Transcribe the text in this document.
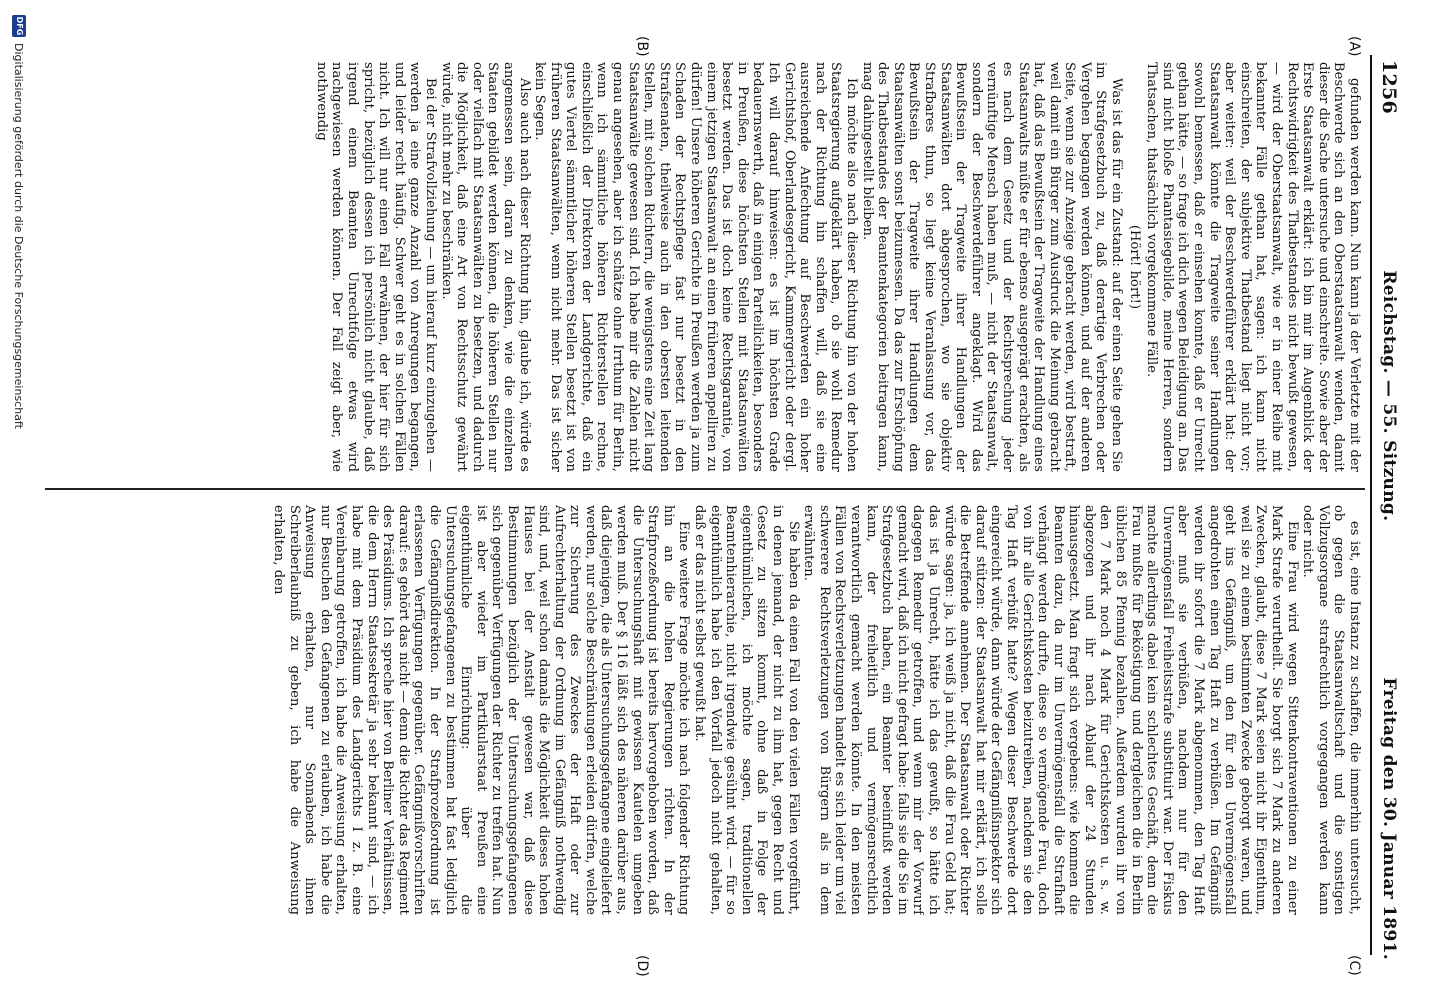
1256
Reichstag. — 55. Sitzung.
Freitag den 30. Januar 1891.
(A)
(B)
(C)
(D)

gefunden werden kann. Nun kann ja der Verletzte mit der Beschwerde sich an den Oberstaatsanwalt wenden, damit dieser die Sache untersuche und einschreite. Sowie aber der Erste Staatsanwalt erklärt: ich bin mir im Augenblick der Rechtswidrigkeit des Thatbestandes nicht bewußt gewesen, — wird der Oberstaatsanwalt, wie er in einer Reihe mit bekannter Fälle gethan hat, sagen: ich kann nicht einschreiten, der subjektive Thatbestand liegt nicht vor; aber weiter: weil der Beschwerdeführer erklärt hat: der Staatsanwalt könnte die Tragweite seiner Handlungen sowohl bemessen, daß er einsehen konnte, daß er Unrecht gethan hätte, — so frage ich dich wegen Beleidigung an. Das sind nicht bloße Phantasiegebilde, meine Herren, sondern Thatsachen, thatsächlich vorgekommene Fälle.

(Hört! hört!)

Was ist das für ein Zustand: auf der einen Seite gehen Sie im Strafgesetzbuch zu, daß derartige Verbrechen oder Vergehen begangen werden können, und auf der anderen Seite, wenn sie zur Anzeige gebracht werden, wird bestraft, weil damit ein Bürger zum Ausdruck die Meinung gebracht hat, daß das Bewußtsein der Tragweite der Handlung eines Staatsanwalts müßte er für ebenso ausgeprägt erachten, als es nach dem Gesetz und der Rechtsprechung jeder vernünftige Mensch haben muß, — nicht der Staatsanwalt, sondern der Beschwerdeführer angeklagt. Wird das Bewußtsein der Tragweite ihrer Handlungen der Staatsanwälten dort abgesprochen, wo sie objektiv Strafbares thun, so liegt keine Veranlassung vor, das Bewußtsein der Tragweite ihrer Handlungen dem Staatsanwälten sonst beizumessen. Da das zur Erschöpfung des Thatbestandes der Beamtenkategorien beitragen kann, mag dahingestellt bleiben.

Ich möchte also nach dieser Richtung hin von der hohen Staatsregierung aufgeklärt haben, ob sie wohl Remedur nach der Richtung hin schaffen will, daß sie eine ausreichende Anfechtung auf Beschwerden ein hoher Gerichtshof, Oberlandesgericht, Kammergericht oder dergl. Ich will darauf hinweisen: es ist im höchsten Grade bedauernswerth, daß in einigen Parteilichkeiten, besonders in Preußen, diese höchsten Stellen mit Staatsanwälten besetzt werden. Das ist doch keine Rechtsgarantie, von einem jetzigen Staatsanwalt an einen früheren appelliren zu dürfen! Unsere höheren Gerichte in Preußen werden ja zum Schaden der Rechtspflege fast nur besetzt in den Strafsenaten, theilweise auch in den obersten leitenden Stellen, mit solchen Richtern, die wenigstens eine Zeit lang Staatsanwälte gewesen sind. Ich habe mir die Zahlen nicht genau angesehen, aber ich schätze ohne Irrthum für Berlin, wenn ich sämmtliche höheren Richterstellen rechne, einschließlich der Direktoren der Landgerichte, daß ein gutes Viertel sämmtlicher höheren Stellen besetzt ist von früheren Staatsanwälten, wenn nicht mehr. Das ist sicher kein Segen.

Also auch nach dieser Richtung hin, glaube ich, würde es angemessen sein, daran zu denken, wie die einzelnen Staaten gebildet werden können, die höheren Stellen nur oder vielfach mit Staatsanwälten zu besetzen, und dadurch die Möglichkeit, daß eine Art von Rechtsschutz gewährt würde, nicht mehr zu beschränken.

Bei der Strafvollziehung — um hierauf kurz einzugehen — werden ja eine ganze Anzahl von Anregungen begangen, und leider recht häufig. Schwer geht es in solchen Fällen nicht. Ich will nur einen Fall erwähnen, der hier für sich spricht, bezüglich dessen ich persönlich nicht glaube, daß irgend einem Beamten Unrechtfolge etwas wird nachgewiesen werden können. Der Fall zeigt aber, wie nothwendig

es ist, eine Instanz zu schaffen, die immerhin untersucht, ob gegen die Staatsanwaltschaft und die sonstigen Vollzugsorgane strafrechtlich vorgegangen werden kann oder nicht.

Eine Frau wird wegen Sittenkontraventionen zu einer Mark Strafe verurtheilt. Sie borgt sich 7 Mark zu anderen Zwecken, glaubt, diese 7 Mark seien nicht ihr Eigenthum, weil sie zu einem bestimmten Zwecke geborgt waren, und geht ins Gefängniß, um den für den Unvermögensfall angedrohten einen Tag Haft zu verbüßen. Im Gefängniß werden ihr sofort die 7 Mark abgenommen, den Tag Haft aber muß sie verbüßen, nachdem nur für den Unvermögensfall Freiheitsstrafe substituirt war. Der Fiskus machte allerdings dabei kein schlechtes Geschäft, denn die Frau mußte für Beköstigung und dergleichen die in Berlin üblichen 85 Pfennig bezahlen. Außerdem wurden ihr von den 7 Mark noch 4 Mark für Gerichtskosten u. s. w. abgezogen und ihr nach Ablauf der 24 Stunden hinausgesetzt. Man fragt sich vergebens: wie kommen die Beamten dazu, da nur im Unvermögensfall die Strafhaft verhängt werden durfte, diese so vermögende Frau, doch von ihr alle Gerichtskosten beizutreiben, nachdem sie den Tag Haft verbüßt hatte? Wegen dieser Beschwerde dort eingereicht würde, dann würde der Gefängnißinspektor sich darauf stützen: der Staatsanwalt hat mir erklärt, ich solle die Betreffende annehmen. Der Staatsanwalt oder Richter würde sagen: ja, ich weiß ja nicht, daß die Frau Geld hat; das ist ja Unrecht, hätte ich das gewußt, so hätte ich dagegen Remedur getroffen, und wenn mir der Vorwurf gemacht wird, daß ich nicht gefragt habe: falls sie die Sie im Strafgesetzbuch haben, ein Beamter beeinflußt werden kann, der freiheitlich und vermögensrechtlich verantwortlich gemacht werden könnte. In den meisten Fällen von Rechtsverletzungen handelt es sich leider um viel schwerere Rechtsverletzungen von Bürgern als in dem erwähnten.

Sie haben da einen Fall von den vielen Fällen vorgeführt, in denen jemand, der nicht zu ihm hat, gegen Recht und Gesetz zu sitzen kommt, ohne daß in Folge der eigenthümlichen, ich möchte sagen, traditionellen Beamtenhierarchie, nicht irgendwie gesühnt wird. — für so eigenthümlich habe ich den Vorfall jedoch nicht gehalten, daß er das nicht selbst gewußt hat.

Eine weitere Frage möchte ich nach folgender Richtung hin an die hohen Regierungen richten. In der Strafprozeßordnung ist bereits hervorgehoben worden, daß die Untersuchungshaft mit gewissen Kautelen umgeben werden muß. Der § 116 läßt sich des näheren darüber aus, daß diejenigen, die als Untersuchungsgefangene eingeliefert werden, nur solche Beschränkungen erleiden dürfen, welche zur Sicherung des Zweckes der Haft oder zur Aufrechterhaltung der Ordnung im Gefängniß nothwendig sind, und, weil schon damals die Möglichkeit dieses hohen Hauses bei der Anstalt gewesen war, daß diese Bestimmungen bezüglich der Untersuchungsgefangenen sich gegenüber Verfügungen der Richter zu treffen hat. Nun ist aber wieder im Partikularstaat Preußen eine eigenthümliche Einrichtung: über die Untersuchungsgefangenen zu bestimmen hat fast lediglich die Gefängnißdirektion. In der Strafprozeßordnung ist erlassenen Verfügungen gegenüber. Gefängnißvorschriften darauf: es gehört das nicht — denn die Richter das Regiment des Präsidiums. Ich spreche hier von Berliner Verhältnissen, die dem Herrn Staatssekretär ja sehr bekannt sind, — ich habe mit dem Präsidium des Landgerichts I z. B. eine Vereinbarung getroffen, ich habe die Anweisung erhalten, nur Besuchen den Gefangenen zu erlauben, ich habe die Anweisung erhalten, nur Sonnabends ihnen Schreiberlaubniß zu geben, ich habe die Anweisung erhalten, den

DFG
Digitalisierung gefördert durch die Deutsche Forschungsgemeinschaft
